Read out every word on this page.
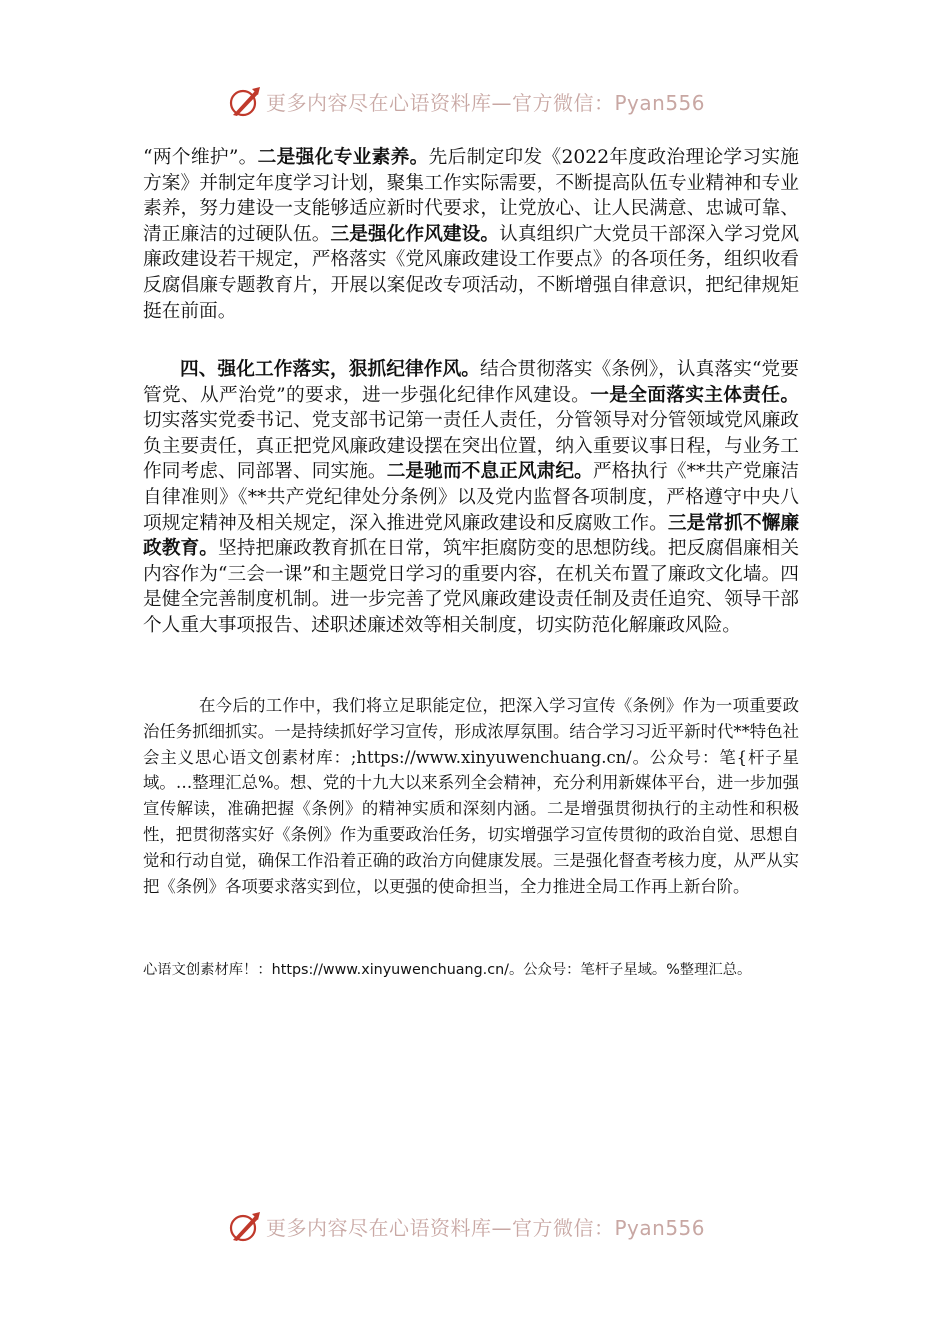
更多内容尽在心语资料库—官方微信：Pyan556

“两个维护”。二是强化专业素养。先后制定印发《2022年度政治理论学习实施方案》并制定年度学习计划，聚集工作实际需要，不断提高队伍专业精神和专业素养，努力建设一支能够适应新时代要求，让党放心、让人民满意、忠诚可靠、清正廉洁的过硬队伍。三是强化作风建设。认真组织广大党员干部深入学习党风廉政建设若干规定，严格落实《党风廉政建设工作要点》的各项任务，组织收看反腐倡廉专题教育片，开展以案促改专项活动，不断增强自律意识，把纪律规矩挺在前面。

四、强化工作落实，狠抓纪律作风。结合贯彻落实《条例》，认真落实“党要管党、从严治党”的要求，进一步强化纪律作风建设。一是全面落实主体责任。切实落实党委书记、党支部书记第一责任人责任，分管领导对分管领域党风廉政负主要责任，真正把党风廉政建设摆在突出位置，纳入重要议事日程，与业务工作同考虑、同部署、同实施。二是驰而不息正风肃纪。严格执行《**共产党廉洁自律准则》《**共产党纪律处分条例》以及党内监督各项制度，严格遵守中央八项规定精神及相关规定，深入推进党风廉政建设和反腐败工作。三是常抓不懈廉政教育。坚持把廉政教育抓在日常，筑牢拒腐防变的思想防线。把反腐倡廉相关内容作为“三会一课”和主题党日学习的重要内容，在机关布置了廉政文化墙。四是健全完善制度机制。进一步完善了党风廉政建设责任制及责任追究、领导干部个人重大事项报告、述职述廉述效等相关制度，切实防范化解廉政风险。

在今后的工作中，我们将立足职能定位，把深入学习宣传《条例》作为一项重要政治任务抓细抓实。一是持续抓好学习宣传，形成浓厚氛围。结合学习习近平新时代**特色社会主义思心语文创素材库：;https://www.xinyuwenchuang.cn/。公众号：笔{杆子星域。…整理汇总%。想、党的十九大以来系列全会精神，充分利用新媒体平台，进一步加强宣传解读，准确把握《条例》的精神实质和深刻内涵。二是增强贯彻执行的主动性和积极性，把贯彻落实好《条例》作为重要政治任务，切实增强学习宣传贯彻的政治自觉、思想自觉和行动自觉，确保工作沿着正确的政治方向健康发展。三是强化督查考核力度，从严从实把《条例》各项要求落实到位，以更强的使命担当，全力推进全局工作再上新台阶。

心语文创素材库！：https://www.xinyuwenchuang.cn/。公众号：笔杆子星域。%整理汇总。
更多内容尽在心语资料库—官方微信：Pyan556
